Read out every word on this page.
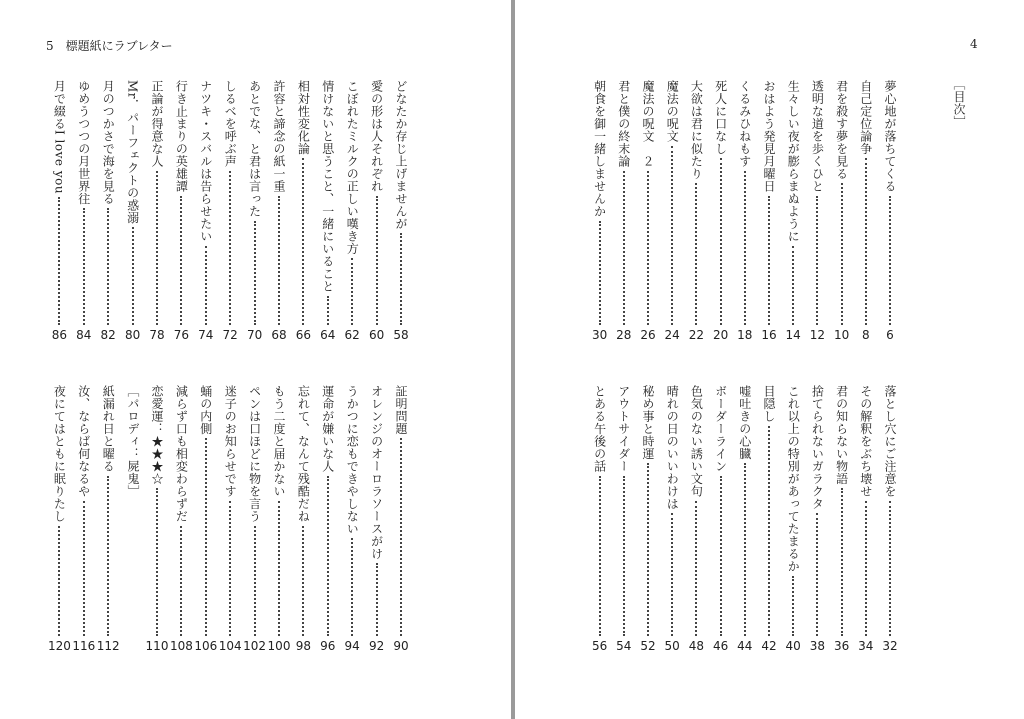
5　標題紙にラブレター
どなたか存じ上げませんが
58
愛の形は人それぞれ
60
こぼれたミルクの正しい嘆き方
62
情けないと思うこと、一緒にいること
64
相対性変化論
66
許容と諦念の紙一重
68
あとでな、と君は言った
70
しるべを呼ぶ声
72
ナツキ・スバルは告らせたい
74
行き止まりの英雄譚
76
正論が得意な人
78
Mr．パーフェクトの惑溺
80
月のつかさで海を見る
82
ゆめうつつの月世界往
84
月で綴るI love you
86
証明問題
90
オレンジのオーロラソースがけ
92
うかつに恋もできやしない
94
運命が嫌いな人
96
忘れて、なんて残酷だね
98
もう二度と届かない
100
ペンは口ほどに物を言う
102
迷子のお知らせです
104
蛹の内側
106
減らず口も相変わらずだ
108
恋愛運：★★★☆
110
紙漏れ日と曜る
112
汝、ならば何なるや
116
夜にてはともに眠りたし
120
［パロディ：屍鬼］
4
［目次］
夢心地が落ちてくる
6
自己定位論争
8
君を殺す夢を見る
10
透明な道を歩くひと
12
生々しい夜が膨らまぬように
14
おはよう発見月曜日
16
くるみひねもす
18
死人に口なし
20
大欲は君に似たり
22
魔法の呪文
24
魔法の呪文　２
26
君と僕の終末論
28
朝食を御一緒しませんか
30
落とし穴にご注意を
32
その解釈をぶち壊せ
34
君の知らない物語
36
捨てられないガラクタ
38
これ以上の特別があってたまるか
40
目隠し
42
嘘吐きの心臓
44
ボーダーライン
46
色気のない誘い文句
48
晴れの日のいいわけは
50
秘め事と時運
52
アウトサイダー
54
とある午後の話
56
